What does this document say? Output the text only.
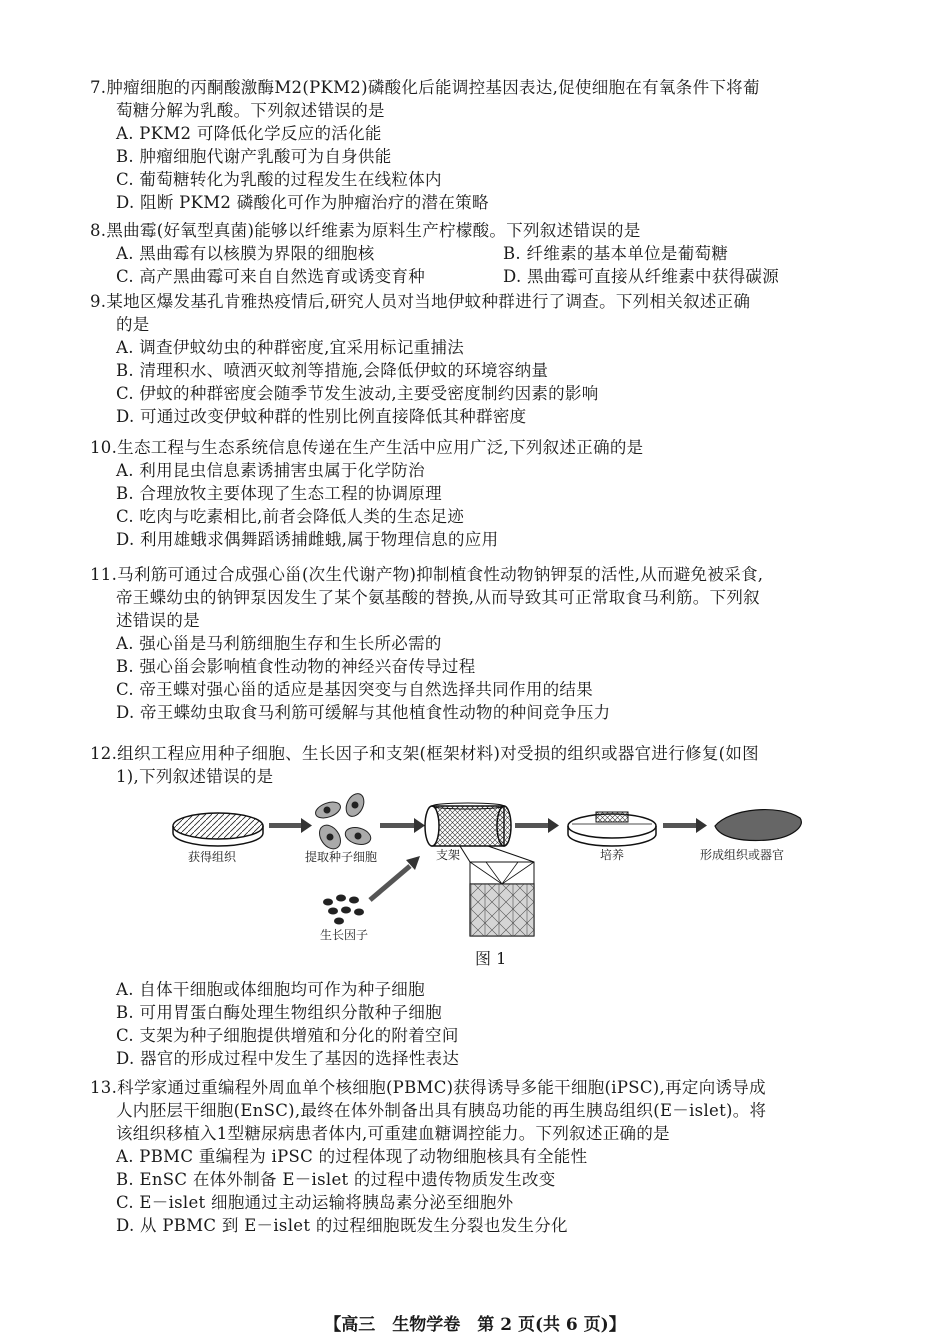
7.肿瘤细胞的丙酮酸激酶M2(PKM2)磷酸化后能调控基因表达,促使细胞在有氧条件下将葡
萄糖分解为乳酸。下列叙述错误的是
A. PKM2 可降低化学反应的活化能
B. 肿瘤细胞代谢产乳酸可为自身供能
C. 葡萄糖转化为乳酸的过程发生在线粒体内
D. 阻断 PKM2 磷酸化可作为肿瘤治疗的潜在策略
8.黑曲霉(好氧型真菌)能够以纤维素为原料生产柠檬酸。下列叙述错误的是
A. 黑曲霉有以核膜为界限的细胞核	B. 纤维素的基本单位是葡萄糖
C. 高产黑曲霉可来自自然选育或诱变育种	D. 黑曲霉可直接从纤维素中获得碳源
9.某地区爆发基孔肯雅热疫情后,研究人员对当地伊蚊种群进行了调查。下列相关叙述正确
的是
A. 调查伊蚊幼虫的种群密度,宜采用标记重捕法
B. 清理积水、喷洒灭蚊剂等措施,会降低伊蚊的环境容纳量
C. 伊蚊的种群密度会随季节发生波动,主要受密度制约因素的影响
D. 可通过改变伊蚊种群的性别比例直接降低其种群密度
10.生态工程与生态系统信息传递在生产生活中应用广泛,下列叙述正确的是
A. 利用昆虫信息素诱捕害虫属于化学防治
B. 合理放牧主要体现了生态工程的协调原理
C. 吃肉与吃素相比,前者会降低人类的生态足迹
D. 利用雄蛾求偶舞蹈诱捕雌蛾,属于物理信息的应用
11.马利筋可通过合成强心甾(次生代谢产物)抑制植食性动物钠钾泵的活性,从而避免被采食,
帝王蝶幼虫的钠钾泵因发生了某个氨基酸的替换,从而导致其可正常取食马利筋。下列叙
述错误的是
A. 强心甾是马利筋细胞生存和生长所必需的
B. 强心甾会影响植食性动物的神经兴奋传导过程
C. 帝王蝶对强心甾的适应是基因突变与自然选择共同作用的结果
D. 帝王蝶幼虫取食马利筋可缓解与其他植食性动物的种间竞争压力
12.组织工程应用种子细胞、生长因子和支架(框架材料)对受损的组织或器官进行修复(如图
1),下列叙述错误的是
获得组织	提取种子细胞	支架	培养	形成组织或器官
生长因子
图 1
A. 自体干细胞或体细胞均可作为种子细胞
B. 可用胃蛋白酶处理生物组织分散种子细胞
C. 支架为种子细胞提供增殖和分化的附着空间
D. 器官的形成过程中发生了基因的选择性表达
13.科学家通过重编程外周血单个核细胞(PBMC)获得诱导多能干细胞(iPSC),再定向诱导成
人内胚层干细胞(EnSC),最终在体外制备出具有胰岛功能的再生胰岛组织(E－islet)。将
该组织移植入1型糖尿病患者体内,可重建血糖调控能力。下列叙述正确的是
A. PBMC 重编程为 iPSC 的过程体现了动物细胞核具有全能性
B. EnSC 在体外制备 E－islet 的过程中遗传物质发生改变
C. E－islet 细胞通过主动运输将胰岛素分泌至细胞外
D. 从 PBMC 到 E－islet 的过程细胞既发生分裂也发生分化
【高三　生物学卷　第 2 页(共 6 页)】
